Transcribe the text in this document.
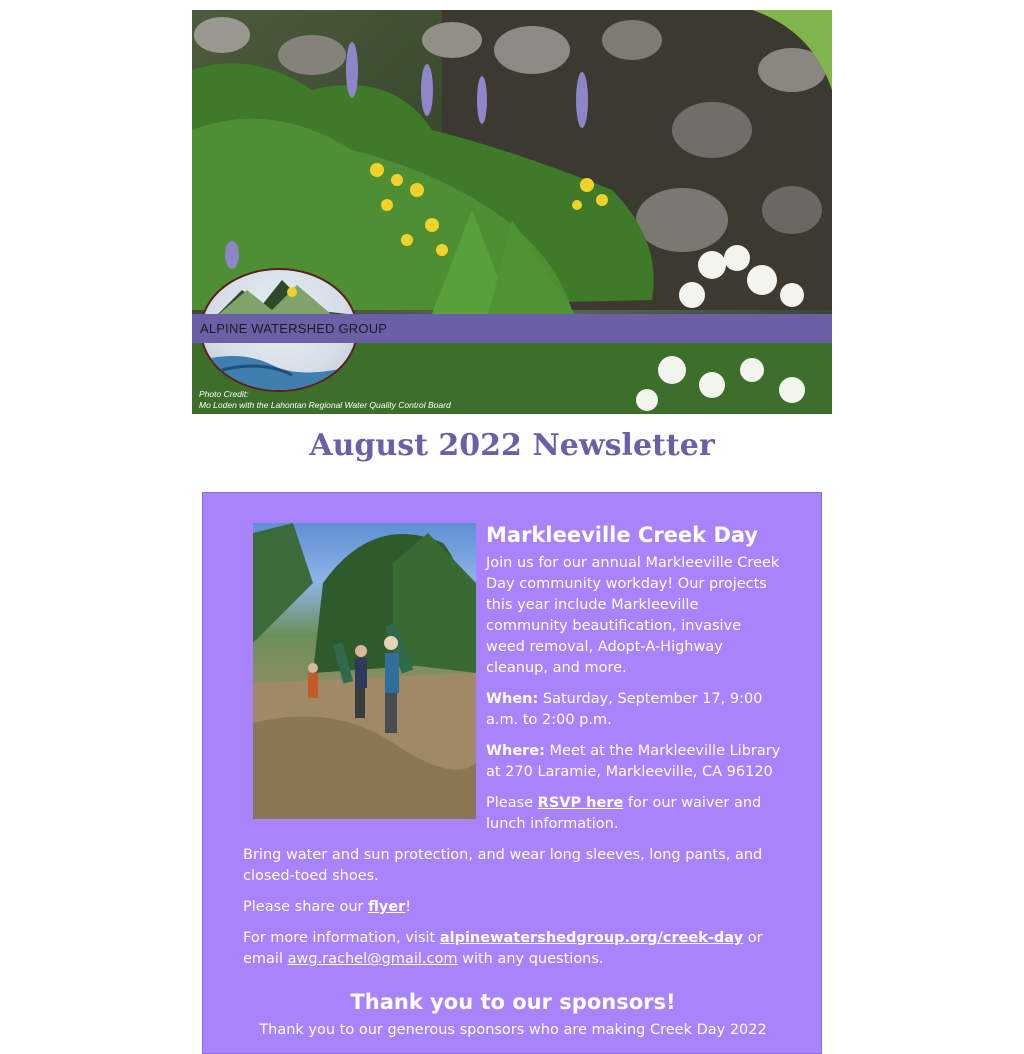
ALPINE WATERSHED GROUP
Photo Credit:
Mo Loden with the Lahontan Regional Water Quality Control Board
August 2022 Newsletter
Markleeville Creek Day

Join us for our annual Markleeville Creek Day community workday! Our projects this year include Markleeville community beautification, invasive weed removal, Adopt-A-Highway cleanup, and more.

When: Saturday, September 17, 9:00 a.m. to 2:00 p.m.

Where: Meet at the Markleeville Library at 270 Laramie, Markleeville, CA 96120

Please RSVP here for our waiver and lunch information.

Bring water and sun protection, and wear long sleeves, long pants, and closed-toed shoes.

Please share our flyer!

For more information, visit alpinewatershedgroup.org/creek-day or email awg.rachel@gmail.com with any questions.

Thank you to our sponsors!

Thank you to our generous sponsors who are making Creek Day 2022
